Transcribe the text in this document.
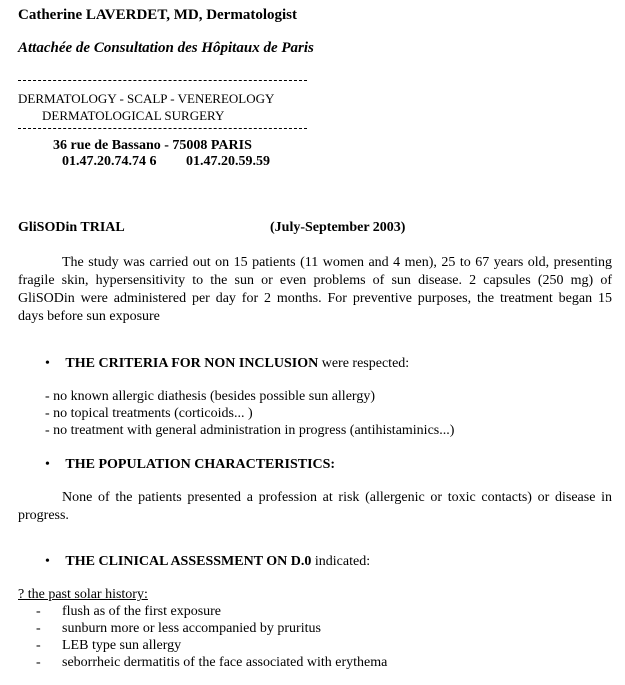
Catherine LAVERDET, MD, Dermatologist
Attachée de Consultation des Hôpitaux de Paris
DERMATOLOGY - SCALP - VENEREOLOGY
DERMATOLOGICAL SURGERY
36 rue de Bassano - 75008 PARIS
01.47.20.74.74 6 01.47.20.59.59
GliSODin TRIAL	(July-September 2003)
The study was carried out on 15 patients (11 women and 4 men), 25 to 67 years old, presenting
fragile skin, hypersensitivity to the sun or even problems of sun disease. 2 capsules (250 mg) of
GliSODin were administered per day for 2 months. For preventive purposes, the treatment began 15
days before sun exposure
• THE CRITERIA FOR NON INCLUSION were respected:
- no known allergic diathesis (besides possible sun allergy)
- no topical treatments (corticoids... )
- no treatment with general administration in progress (antihistaminics...)
• THE POPULATION CHARACTERISTICS:
None of the patients presented a profession at risk (allergenic or toxic contacts) or disease in
progress.
• THE CLINICAL ASSESSMENT ON D.0 indicated:
? the past solar history:
- flush as of the first exposure
- sunburn more or less accompanied by pruritus
- LEB type sun allergy
- seborrheic dermatitis of the face associated with erythema
